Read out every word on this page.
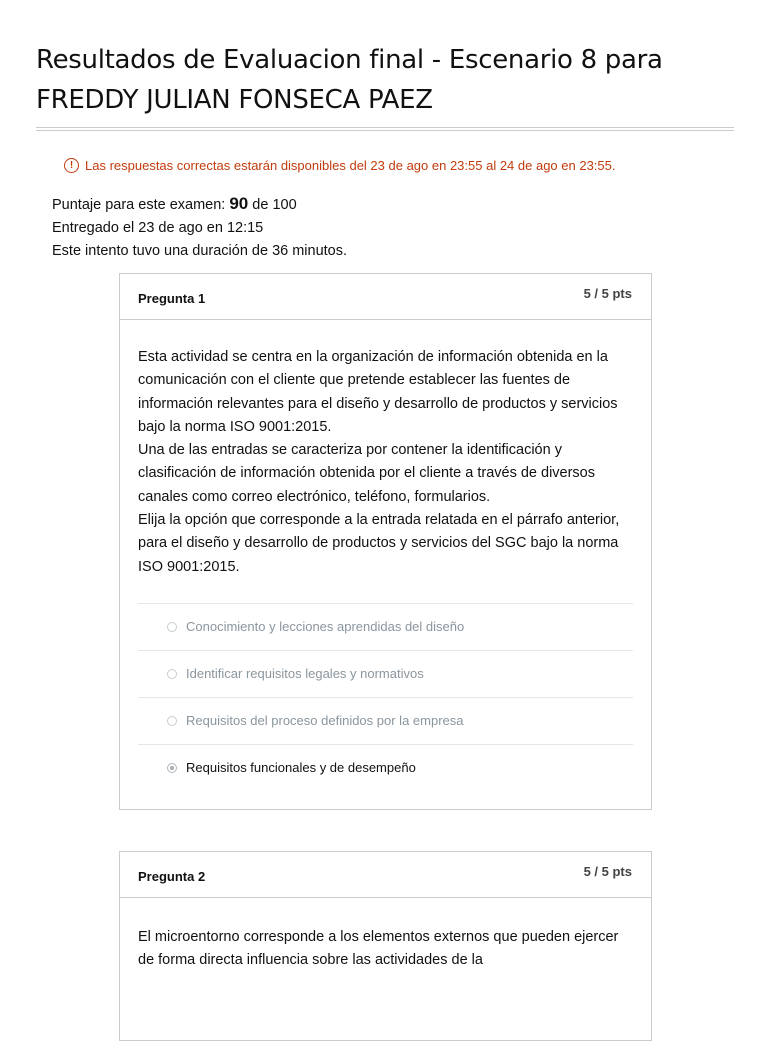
Resultados de Evaluacion final - Escenario 8 para FREDDY JULIAN FONSECA PAEZ
! Las respuestas correctas estarán disponibles del 23 de ago en 23:55 al 24 de ago en 23:55.
Puntaje para este examen: 90 de 100
Entregado el 23 de ago en 12:15
Este intento tuvo una duración de 36 minutos.
Pregunta 1	5 / 5 pts

Esta actividad se centra en la organización de información obtenida en la comunicación con el cliente que pretende establecer las fuentes de información relevantes para el diseño y desarrollo de productos y servicios bajo la norma ISO 9001:2015.

Una de las entradas se caracteriza por contener la identificación y clasificación de información obtenida por el cliente a través de diversos canales como correo electrónico, teléfono, formularios.

Elija la opción que corresponde a la entrada relatada en el párrafo anterior, para el diseño y desarrollo de productos y servicios del SGC bajo la norma ISO 9001:2015.

Conocimiento y lecciones aprendidas del diseño
Identificar requisitos legales y normativos
Requisitos del proceso definidos por la empresa
Requisitos funcionales y de desempeño
Pregunta 2	5 / 5 pts

El microentorno corresponde a los elementos externos que pueden ejercer de forma directa influencia sobre las actividades de la
